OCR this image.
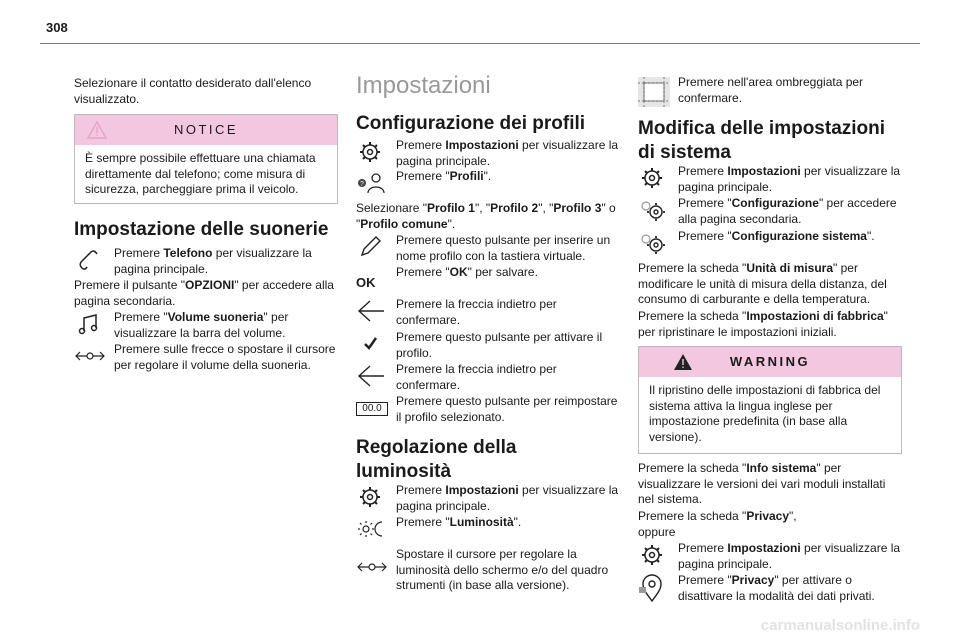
308

Selezionare il contatto desiderato dall'elenco visualizzato.

NOTICE
È sempre possibile effettuare una chiamata direttamente dal telefono; come misura di sicurezza, parcheggiare prima il veicolo.
Impostazione delle suonerie

Premere Telefono per visualizzare la pagina principale.

Premere il pulsante "OPZIONI" per accedere alla pagina secondaria.

Premere "Volume suoneria" per visualizzare la barra del volume.

Premere sulle frecce o spostare il cursore per regolare il volume della suoneria.

Impostazioni
Configurazione dei profili

Premere Impostazioni per visualizzare la pagina principale.

?

Premere "Profili".

Selezionare "Profilo 1", "Profilo 2", "Profilo 3" o "Profilo comune".

Premere questo pulsante per inserire un nome profilo con la tastiera virtuale.

OK

Premere "OK" per salvare.

Premere la freccia indietro per confermare.

Premere questo pulsante per attivare il profilo.

Premere la freccia indietro per confermare.

00.0

Premere questo pulsante per reimpostare il profilo selezionato.

Regolazione della luminosità

Premere Impostazioni per visualizzare la pagina principale.

Premere "Luminosità".

Spostare il cursore per regolare la luminosità dello schermo e/o del quadro strumenti (in base alla versione).

Premere nell'area ombreggiata per confermare.

Modifica delle impostazioni di sistema

Premere Impostazioni per visualizzare la pagina principale.

Premere "Configurazione" per accedere alla pagina secondaria.

Premere "Configurazione sistema".

Premere la scheda "Unità di misura" per modificare le unità di misura della distanza, del consumo di carburante e della temperatura.

Premere la scheda "Impostazioni di fabbrica" per ripristinare le impostazioni iniziali.

WARNING
Il ripristino delle impostazioni di fabbrica del sistema attiva la lingua inglese per impostazione predefinita (in base alla versione).

Premere la scheda "Info sistema" per visualizzare le versioni dei vari moduli installati nel sistema.

Premere la scheda "Privacy",

oppure

Premere Impostazioni per visualizzare la pagina principale.

Premere "Privacy" per attivare o disattivare la modalità dei dati privati.

carmanualsonline.info
